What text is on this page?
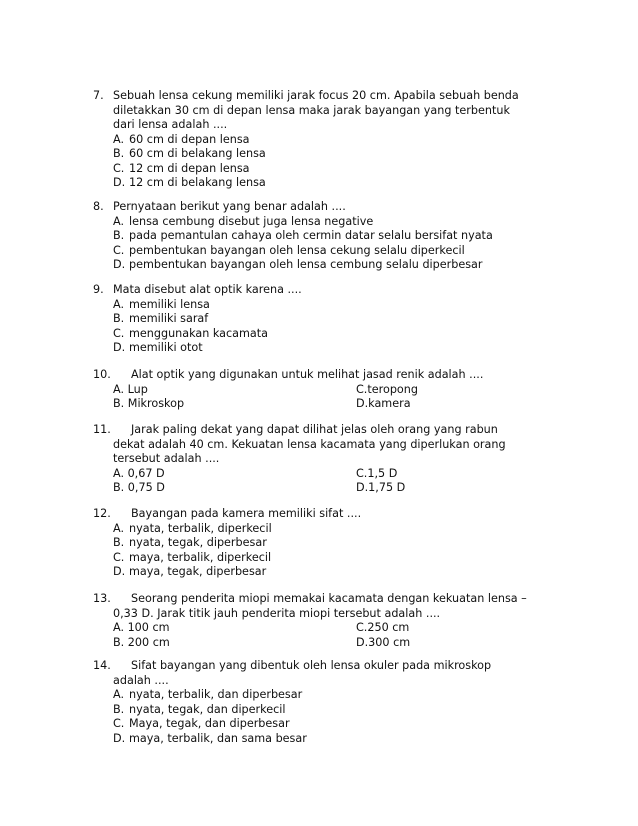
7. Sebuah lensa cekung memiliki jarak focus 20 cm. Apabila sebuah benda
diletakkan 30 cm di depan lensa maka jarak bayangan yang terbentuk
dari lensa adalah ....
A. 60 cm di depan lensa
B. 60 cm di belakang lensa
C. 12 cm di depan lensa
D. 12 cm di belakang lensa
8. Pernyataan berikut yang benar adalah ....
A. lensa cembung disebut juga lensa negative
B. pada pemantulan cahaya oleh cermin datar selalu bersifat nyata
C. pembentukan bayangan oleh lensa cekung selalu diperkecil
D. pembentukan bayangan oleh lensa cembung selalu diperbesar
9. Mata disebut alat optik karena ....
A. memiliki lensa
B. memiliki saraf
C. menggunakan kacamata
D. memiliki otot
10. Alat optik yang digunakan untuk melihat jasad renik adalah ....
A. Lup	C.teropong
B. Mikroskop	D.kamera
11. Jarak paling dekat yang dapat dilihat jelas oleh orang yang rabun
dekat adalah 40 cm. Kekuatan lensa kacamata yang diperlukan orang
tersebut adalah ....
A. 0,67 D	C.1,5 D
B. 0,75 D	D.1,75 D
12. Bayangan pada kamera memiliki sifat ....
A. nyata, terbalik, diperkecil
B. nyata, tegak, diperbesar
C. maya, terbalik, diperkecil
D. maya, tegak, diperbesar
13. Seorang penderita miopi memakai kacamata dengan kekuatan lensa –
0,33 D. Jarak titik jauh penderita miopi tersebut adalah ....
A. 100 cm	C.250 cm
B. 200 cm	D.300 cm
14. Sifat bayangan yang dibentuk oleh lensa okuler pada mikroskop
adalah ....
A. nyata, terbalik, dan diperbesar
B. nyata, tegak, dan diperkecil
C. Maya, tegak, dan diperbesar
D. maya, terbalik, dan sama besar
